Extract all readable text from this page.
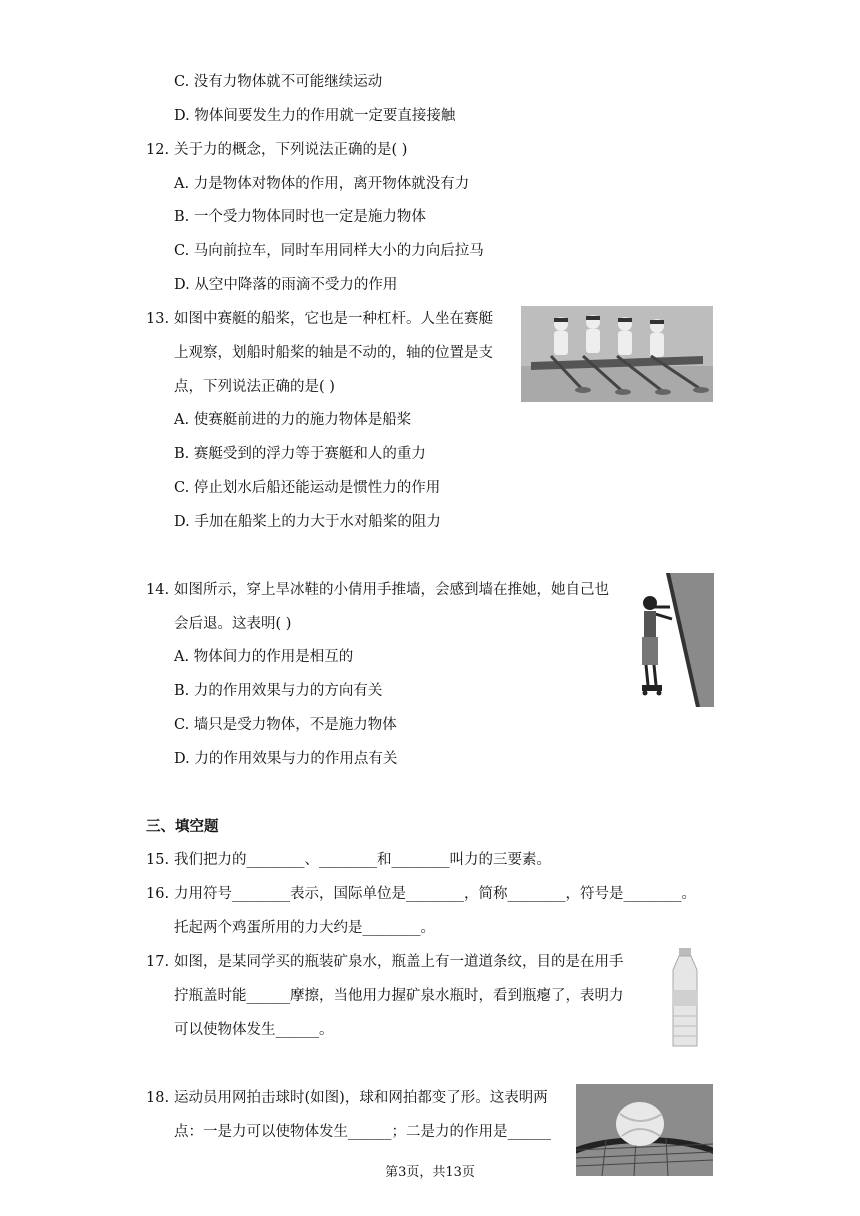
C. 没有力物体就不可能继续运动
D. 物体间要发生力的作用就一定要直接接触
12. 关于力的概念，下列说法正确的是( )
A. 力是物体对物体的作用，离开物体就没有力
B. 一个受力物体同时也一定是施力物体
C. 马向前拉车，同时车用同样大小的力向后拉马
D. 从空中降落的雨滴不受力的作用
13. 如图中赛艇的船桨，它也是一种杠杆。人坐在赛艇
上观察，划船时船桨的轴是不动的，轴的位置是支
点，下列说法正确的是( )
A. 使赛艇前进的力的施力物体是船桨
B. 赛艇受到的浮力等于赛艇和人的重力
C. 停止划水后船还能运动是惯性力的作用
D. 手加在船桨上的力大于水对船桨的阻力
14. 如图所示，穿上旱冰鞋的小倩用手推墙，会感到墙在推她，她自己也
会后退。这表明( )
A. 物体间力的作用是相互的
B. 力的作用效果与力的方向有关
C. 墙只是受力物体，不是施力物体
D. 力的作用效果与力的作用点有关
三、填空题
15. 我们把力的________、________和________叫力的三要素。
16. 力用符号________表示，国际单位是________，简称________，符号是________。
托起两个鸡蛋所用的力大约是________。
17. 如图，是某同学买的瓶装矿泉水，瓶盖上有一道道条纹，目的是在用手
拧瓶盖时能______摩擦，当他用力握矿泉水瓶时，看到瓶瘪了，表明力
可以使物体发生______。
18. 运动员用网拍击球时(如图)，球和网拍都变了形。这表明两
点：一是力可以使物体发生______；二是力的作用是______
第3页，共13页
